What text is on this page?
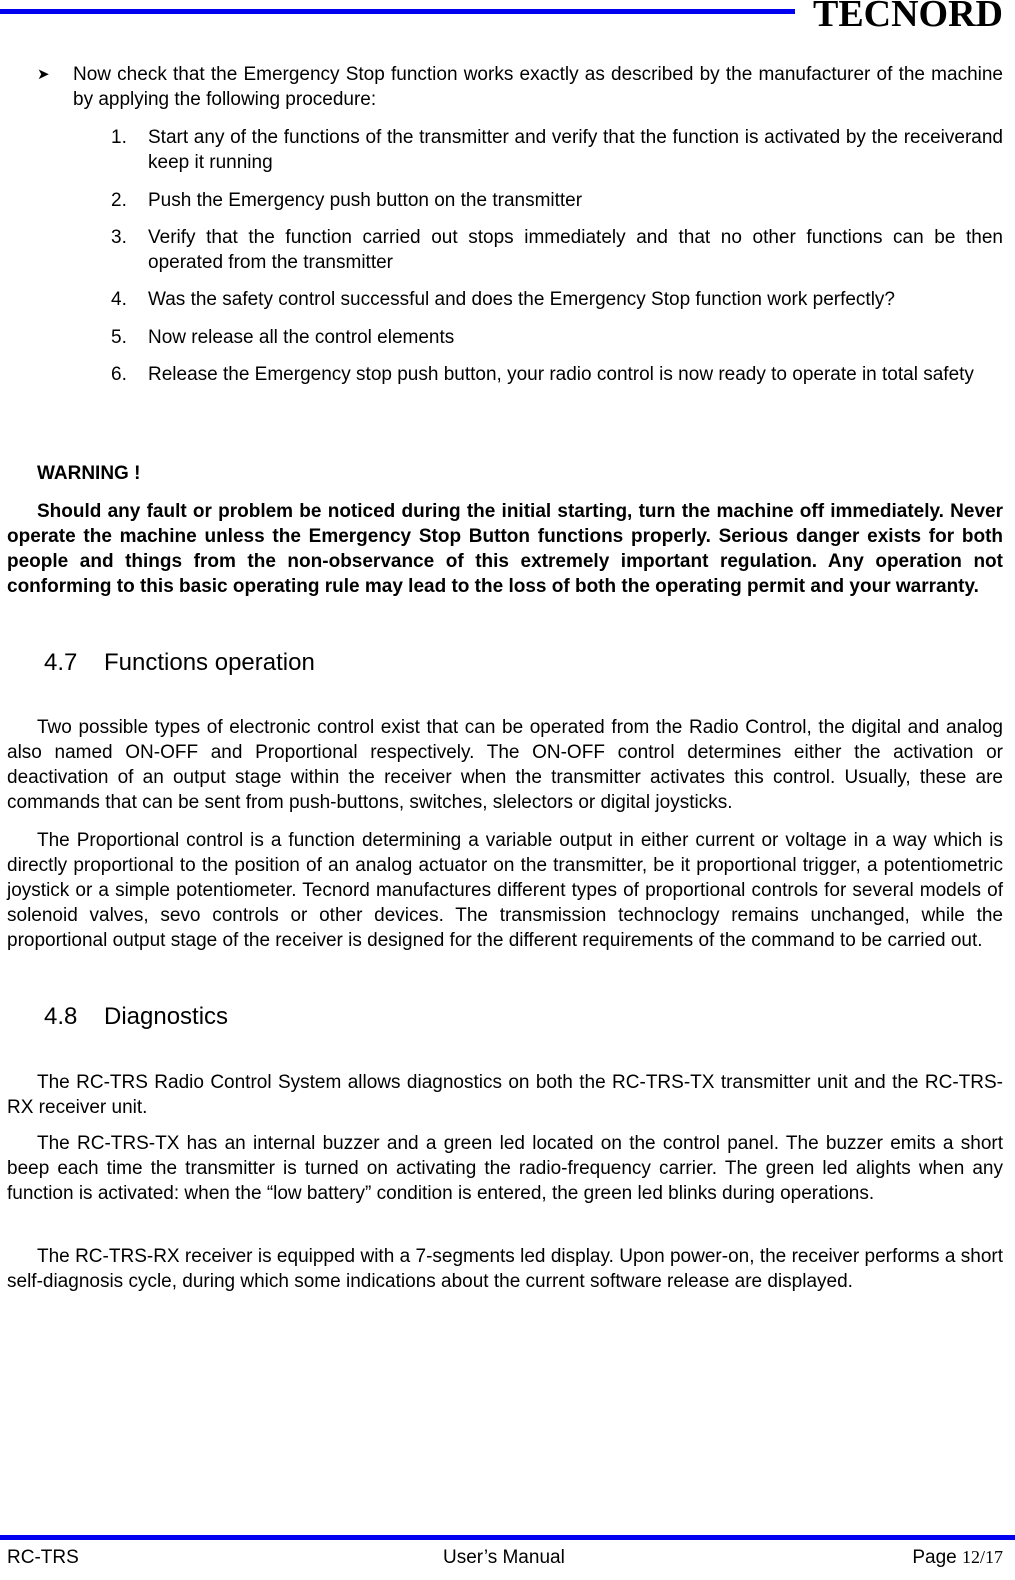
TECNORD
➤ Now check that the Emergency Stop function works exactly as described by the manufacturer of the machine by applying the following procedure:
1. Start any of the functions of the transmitter and verify that the function is activated by the receiverand keep it running
2. Push the Emergency push button on the transmitter
3. Verify that the function carried out stops immediately and that no other functions can be then operated from the transmitter
4. Was the safety control successful and does the Emergency Stop function work perfectly?
5. Now release all the control elements
6. Release the Emergency stop push button, your radio control is now ready to operate in total safety
WARNING !
Should any fault or problem be noticed during the initial starting, turn the machine off immediately. Never operate the machine unless the Emergency Stop Button functions properly. Serious danger exists for both people and things from the non-observance of this extremely important regulation. Any operation not conforming to this basic operating rule may lead to the loss of both the operating permit and your warranty.
4.7 Functions operation
Two possible types of electronic control exist that can be operated from the Radio Control, the digital and analog also named ON-OFF and Proportional respectively. The ON-OFF control determines either the activation or deactivation of an output stage within the receiver when the transmitter activates this control. Usually, these are commands that can be sent from push-buttons, switches, slelectors or digital joysticks.
The Proportional control is a function determining a variable output in either current or voltage in a way which is directly proportional to the position of an analog actuator on the transmitter, be it proportional trigger, a potentiometric joystick or a simple potentiometer. Tecnord manufactures different types of proportional controls for several models of solenoid valves, sevo controls or other devices. The transmission technoclogy remains unchanged, while the proportional output stage of the receiver is designed for the different requirements of the command to be carried out.
4.8 Diagnostics
The RC-TRS Radio Control System allows diagnostics on both the RC-TRS-TX transmitter unit and the RC-TRS-RX receiver unit.
The RC-TRS-TX has an internal buzzer and a green led located on the control panel. The buzzer emits a short beep each time the transmitter is turned on activating the radio-frequency carrier. The green led alights when any function is activated: when the “low battery” condition is entered, the green led blinks during operations.
The RC-TRS-RX receiver is equipped with a 7-segments led display. Upon power-on, the receiver performs a short self-diagnosis cycle, during which some indications about the current software release are displayed.
RC-TRS	User’s Manual	Page 12/17
